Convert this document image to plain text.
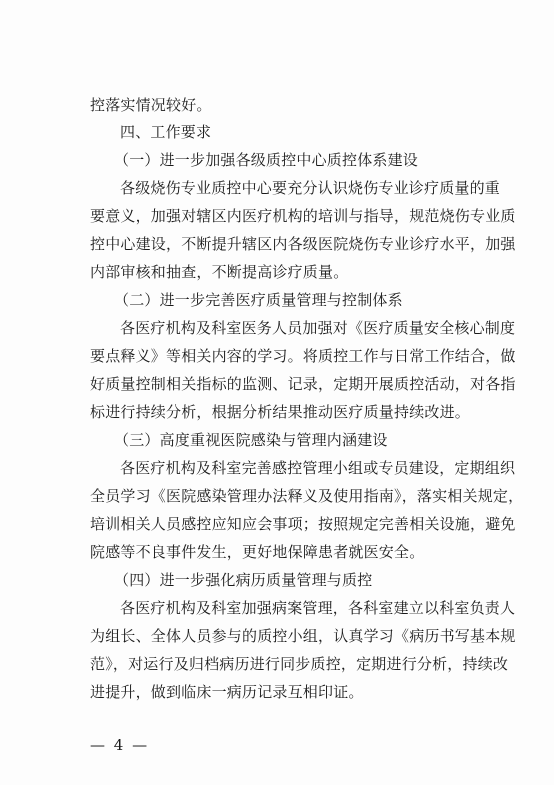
控落实情况较好。
四、工作要求
（一）进一步加强各级质控中心质控体系建设
各级烧伤专业质控中心要充分认识烧伤专业诊疗质量的重
要意义，加强对辖区内医疗机构的培训与指导，规范烧伤专业质
控中心建设，不断提升辖区内各级医院烧伤专业诊疗水平，加强
内部审核和抽查，不断提高诊疗质量。
（二）进一步完善医疗质量管理与控制体系
各医疗机构及科室医务人员加强对《医疗质量安全核心制度
要点释义》等相关内容的学习。将质控工作与日常工作结合，做
好质量控制相关指标的监测、记录，定期开展质控活动，对各指
标进行持续分析，根据分析结果推动医疗质量持续改进。
（三）高度重视医院感染与管理内涵建设
各医疗机构及科室完善感控管理小组或专员建设，定期组织
全员学习《医院感染管理办法释义及使用指南》，落实相关规定，
培训相关人员感控应知应会事项；按照规定完善相关设施，避免
院感等不良事件发生，更好地保障患者就医安全。
（四）进一步强化病历质量管理与质控
各医疗机构及科室加强病案管理，各科室建立以科室负责人
为组长、全体人员参与的质控小组，认真学习《病历书写基本规
范》，对运行及归档病历进行同步质控，定期进行分析，持续改
进提升，做到临床一病历记录互相印证。
— 4 —
